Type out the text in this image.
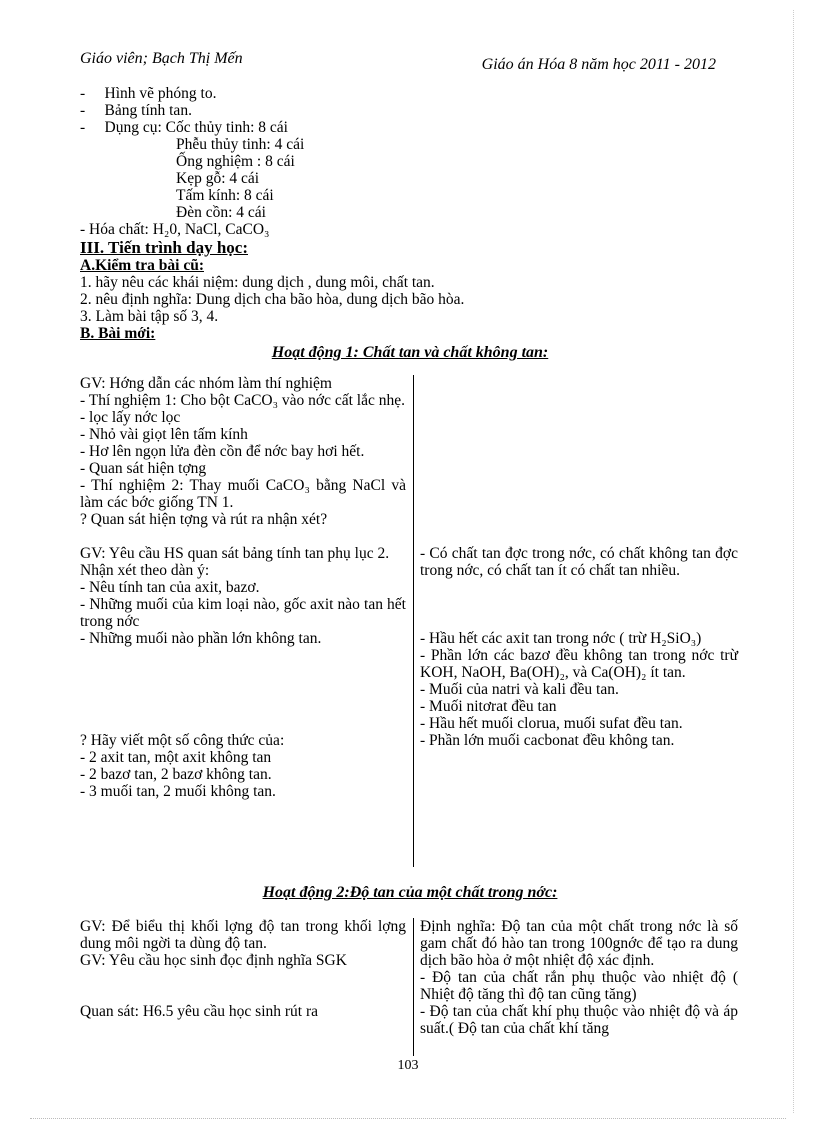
Giáo viên; Bạch Thị Mến	Giáo án Hóa 8 năm học 2011 - 2012
-     Hình vẽ phóng to.
-     Bảng tính tan.
-     Dụng cụ: Cốc thủy tinh: 8 cái
Phễu thủy tinh: 4 cái
Ống nghiệm : 8 cái
Kẹp gỗ: 4 cái
Tấm kính: 8 cái
Đèn cồn: 4 cái
- Hóa chất: H₂0, NaCl, CaCO₃
III. Tiến trình dạy học:
A.Kiểm tra bài cũ:

1. hãy nêu các khái niệm: dung dịch , dung môi, chất tan.

2. nêu định nghĩa: Dung dịch cha bão hòa, dung dịch bão hòa.

3. Làm bài tập số 3, 4.

B. Bài mới:
Hoạt động 1: Chất tan và chất không tan:

GV: Hớng dẫn các nhóm làm thí nghiệm

- Thí nghiệm 1: Cho bột CaCO₃ vào nớc cất lắc nhẹ.

- lọc lấy nớc lọc

- Nhỏ vài giọt lên tấm kính

- Hơ lên ngọn lửa đèn cồn để nớc bay hơi hết.

- Quan sát hiện tợng

- Thí nghiệm 2: Thay muối CaCO₃ bằng NaCl và làm các bớc giống TN 1.

? Quan sát hiện tợng và rút ra nhận xét?

GV: Yêu cầu HS quan sát bảng tính tan phụ lục 2.

Nhận xét theo dàn ý:

- Nêu tính tan của axit, bazơ.

- Những muối của kim loại nào, gốc axit nào tan hết trong nớc

- Những muối nào phần lớn không tan.

? Hãy viết một số công thức của:

- 2 axit tan, một axit không tan

- 2 bazơ tan, 2 bazơ không tan.

- 3 muối tan, 2 muối không tan.

- Có chất tan đợc trong nớc, có chất không tan đợc trong nớc, có chất tan ít có chất tan nhiều.

- Hầu hết các axit tan trong nớc ( trừ H₂SiO₃)

- Phần lớn các bazơ đều không tan trong nớc trừ KOH, NaOH, Ba(OH)₂, và Ca(OH)₂ ít tan.

- Muối của natri và kali đều tan.

- Muối nitơrat đều tan

- Hầu hết muối clorua, muối sufat đều tan.

- Phần lớn muối cacbonat đều không tan.

Hoạt động 2:Độ tan của một chất trong nớc:

GV: Để biểu thị khối lợng độ tan trong khối lợng dung môi ngời ta dùng độ tan.

GV: Yêu cầu học sinh đọc định nghĩa SGK

Quan sát: H6.5 yêu cầu học sinh rút ra

Định nghĩa: Độ tan của một chất trong nớc là số gam chất đó hào tan trong 100gnớc để tạo ra dung dịch bão hòa ở một nhiệt độ xác định.

- Độ tan của chất rắn phụ thuộc vào nhiệt độ ( Nhiệt độ tăng thì độ tan cũng tăng)

- Độ tan của chất khí phụ thuộc vào nhiệt độ và áp suất.( Độ tan của chất khí tăng

103
